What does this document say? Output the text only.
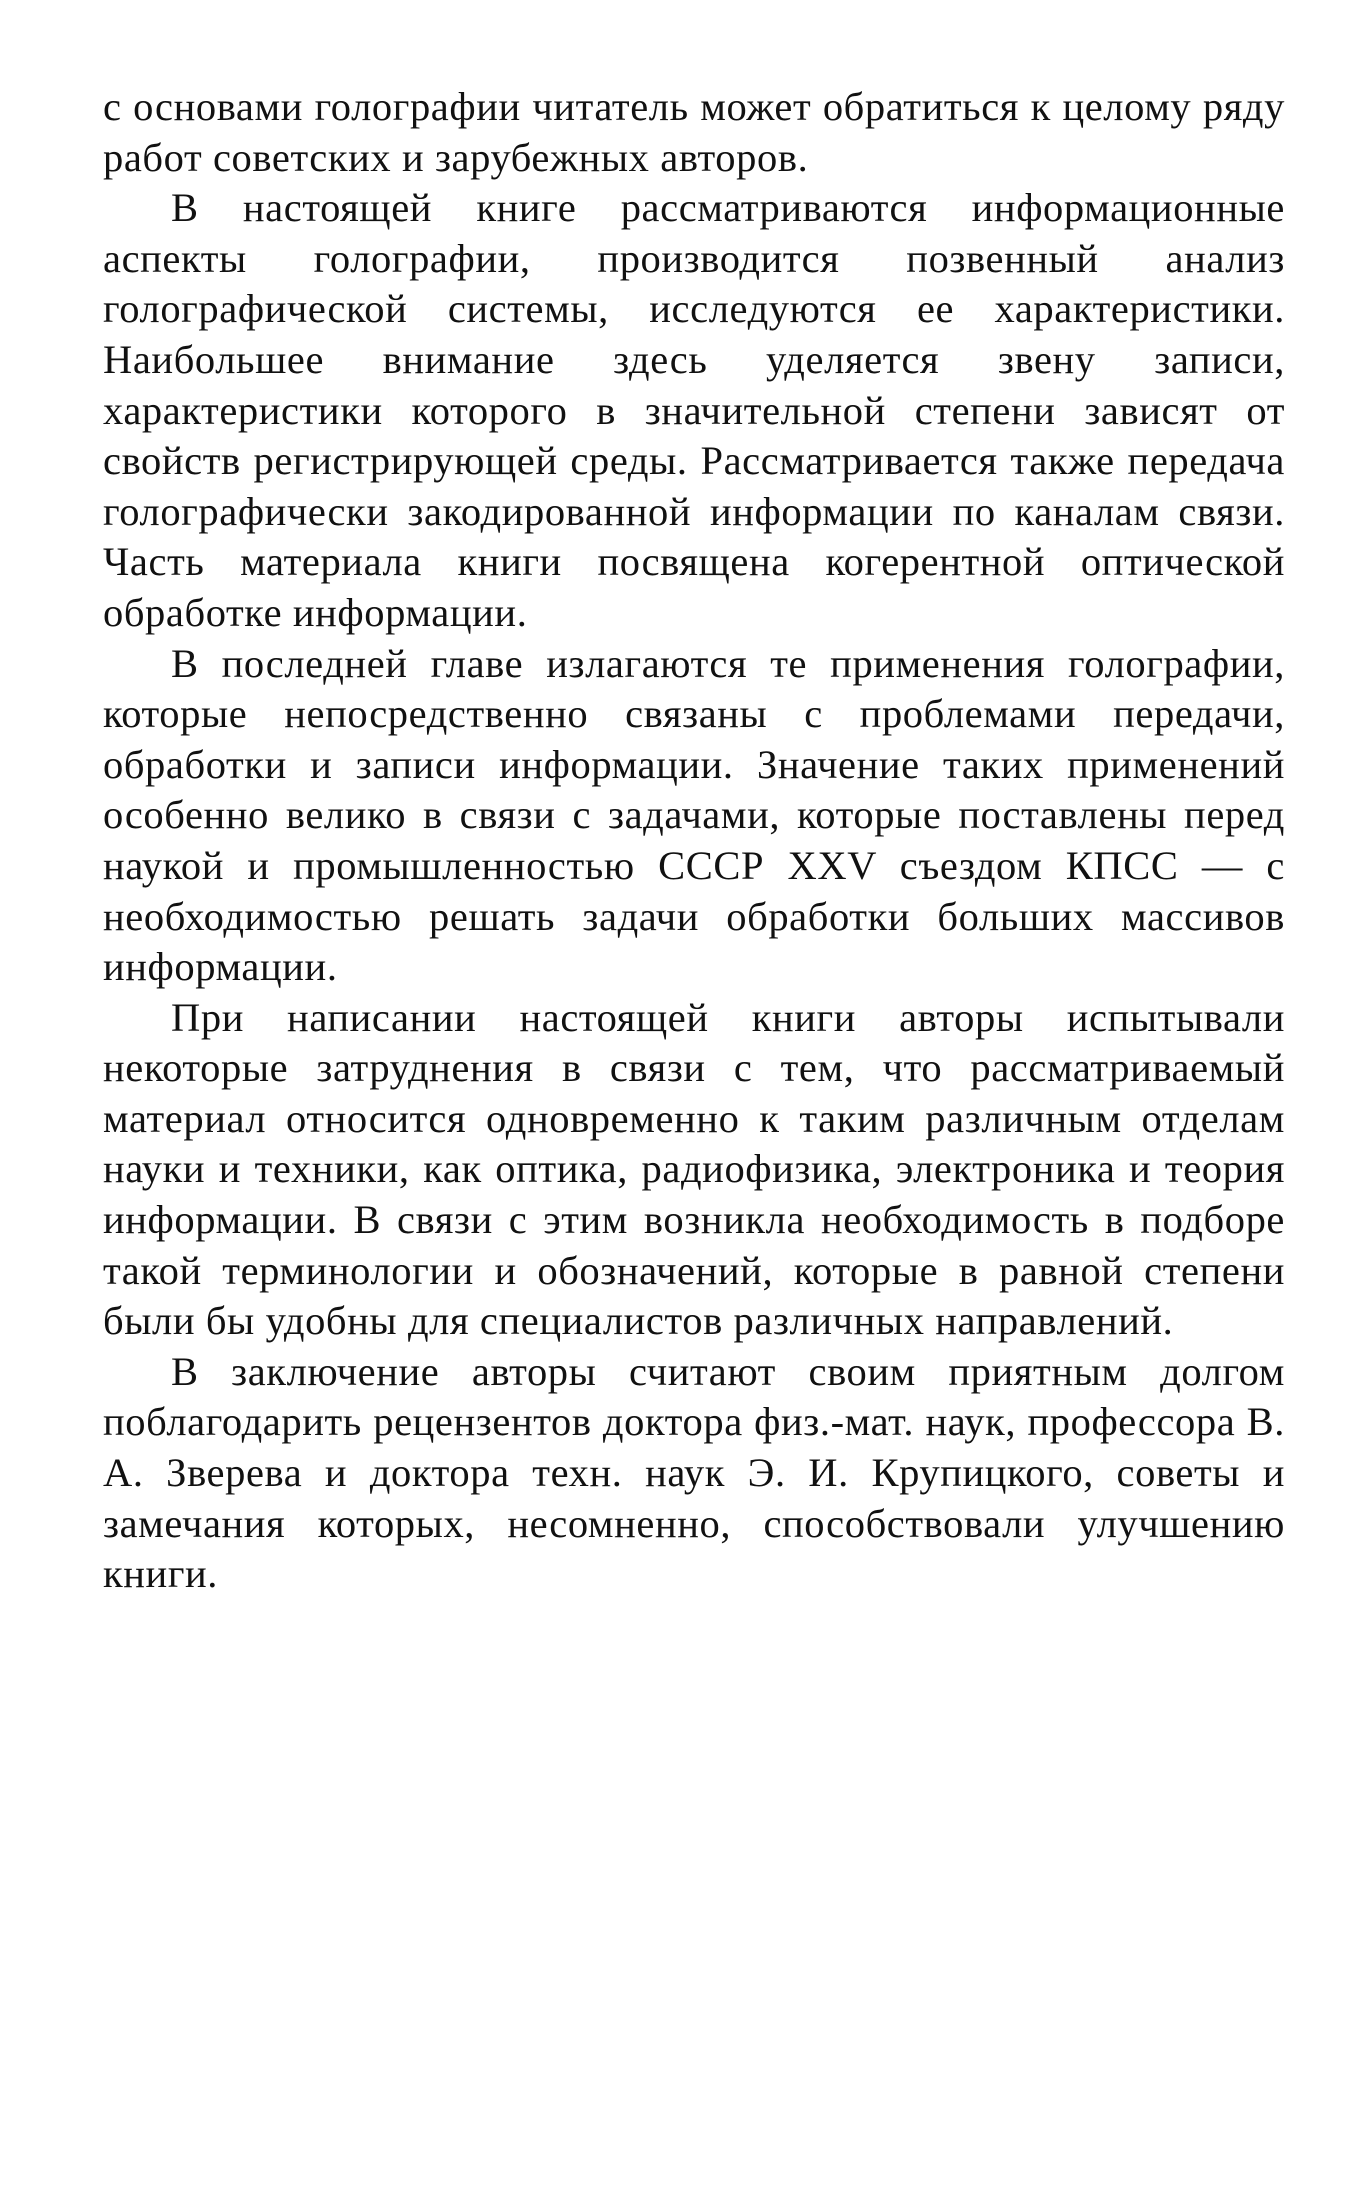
с основами голографии читатель может обратиться к целому ряду работ советских и зарубежных авторов.

В настоящей книге рассматриваются информационные аспекты голографии, производится позвенный анализ голографической системы, исследуются ее характеристики. Наибольшее внимание здесь уделяется звену записи, характеристики которого в значительной степени зависят от свойств регистрирующей среды. Рассматривается также передача голографически закодированной информации по каналам связи. Часть материала книги посвящена когерентной оптической обработке информации.

В последней главе излагаются те применения голографии, которые непосредственно связаны с проблемами передачи, обработки и записи информации. Значение таких применений особенно велико в связи с задачами, которые поставлены перед наукой и промышленностью СССР XXV съездом КПСС — с необходимостью решать задачи обработки больших массивов информации.

При написании настоящей книги авторы испытывали некоторые затруднения в связи с тем, что рассматриваемый материал относится одновременно к таким различным отделам науки и техники, как оптика, радиофизика, электроника и теория информации. В связи с этим возникла необходимость в подборе такой терминологии и обозначений, которые в равной степени были бы удобны для специалистов различных направлений.

В заключение авторы считают своим приятным долгом поблагодарить рецензентов доктора физ.-мат. наук, профессора В. А. Зверева и доктора техн. наук Э. И. Крупицкого, советы и замечания которых, несомненно, способствовали улучшению книги.
